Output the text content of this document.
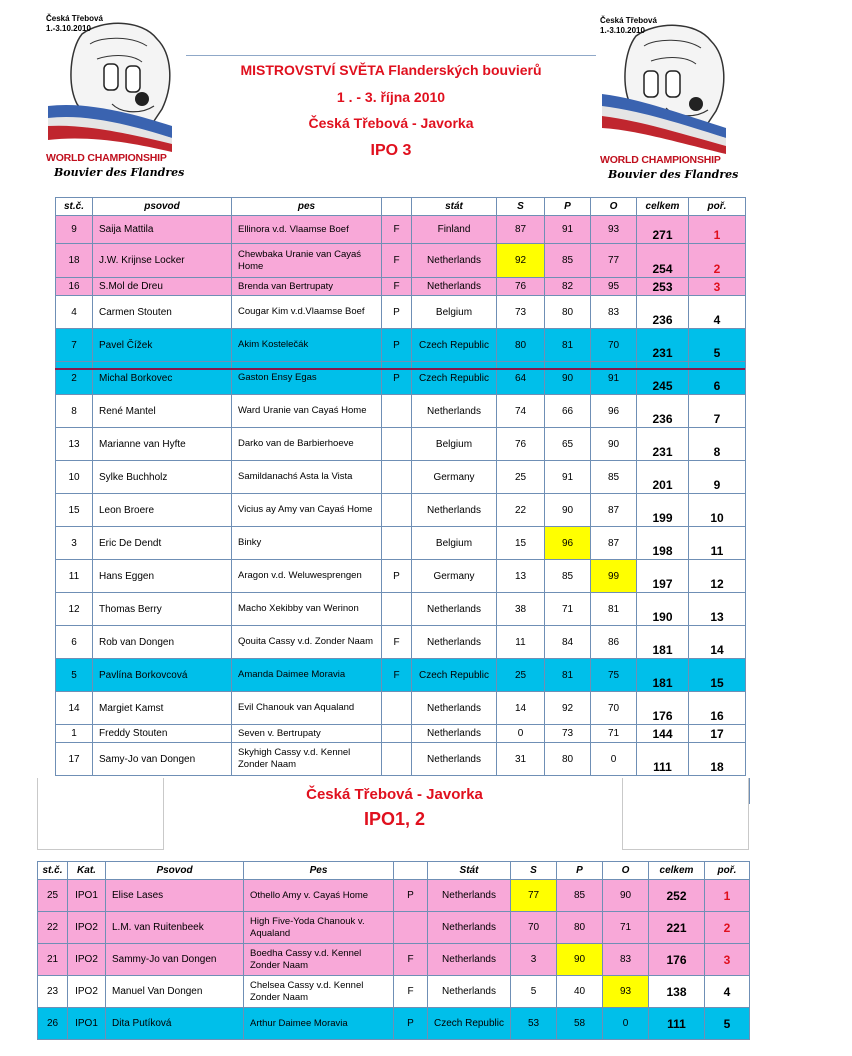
MISTROVSTVÍ SVĚTA Flanderských bouvierů
1 . - 3. října 2010
Česká Třebová - Javorka
IPO 3
Česká Třebová
1.-3.10.2010
WORLD CHAMPIONSHIP
Bouvier des Flandres
Česká Třebová
1.-3.10.2010
WORLD CHAMPIONSHIP
Bouvier des Flandres
st.č.	psovod	pes		stát	S	P	O	celkem	poř.
9	Saija Mattila	Ellinora v.d. Vlaamse Boef	F	Finland	87	91	93	271	1
18	J.W. Krijnse Locker	Chewbaka Uranie van Cayaś Home	F	Netherlands	92	85	77	254	2
16	S.Mol de Dreu	Brenda van Bertrupaty	F	Netherlands	76	82	95	253	3
4	Carmen Stouten	Cougar Kim v.d.Vlaamse Boef	P	Belgium	73	80	83	236	4
7	Pavel Čížek	Akim Kostelečák	P	Czech Republic	80	81	70	231	5
2	Michal Borkovec	Gaston Ensy Egas	P	Czech Republic	64	90	91	245	6
8	René Mantel	Ward Uranie van Cayaś Home		Netherlands	74	66	96	236	7
13	Marianne van Hyfte	Darko van de Barbierhoeve		Belgium	76	65	90	231	8
10	Sylke Buchholz	Samildanachś Asta la Vista		Germany	25	91	85	201	9
15	Leon Broere	Vicius ay Amy van Cayaś Home		Netherlands	22	90	87	199	10
3	Eric De Dendt	Binky		Belgium	15	96	87	198	11
11	Hans Eggen	Aragon v.d. Weluwesprengen	P	Germany	13	85	99	197	12
12	Thomas Berry	Macho Xekibby van Werinon		Netherlands	38	71	81	190	13
6	Rob van Dongen	Qouita Cassy v.d. Zonder Naam	F	Netherlands	11	84	86	181	14
5	Pavlína Borkovcová	Amanda Daimee Moravia	F	Czech Republic	25	81	75	181	15
14	Margiet Kamst	Evil Chanouk van Aqualand		Netherlands	14	92	70	176	16
1	Freddy Stouten	Seven v. Bertrupaty		Netherlands	0	73	71	144	17
17	Samy-Jo van Dongen	Skyhigh Cassy v.d. Kennel Zonder Naam		Netherlands	31	80	0	111	18
Česká Třebová - Javorka
IPO1, 2
st.č.	Kat.	Psovod	Pes		Stát	S	P	O	celkem	poř.
25	IPO1	Elise Lases	Othello Amy v. Cayaś Home	P	Netherlands	77	85	90	252	1
22	IPO2	L.M. van Ruitenbeek	High Five-Yoda Chanouk v. Aqualand		Netherlands	70	80	71	221	2
21	IPO2	Sammy-Jo van Dongen	Boedha Cassy v.d. Kennel Zonder Naam	F	Netherlands	3	90	83	176	3
23	IPO2	Manuel Van Dongen	Chelsea Cassy v.d. Kennel Zonder Naam	F	Netherlands	5	40	93	138	4
26	IPO1	Dita Putíková	Arthur Daimee Moravia	P	Czech Republic	53	58	0	111	5
